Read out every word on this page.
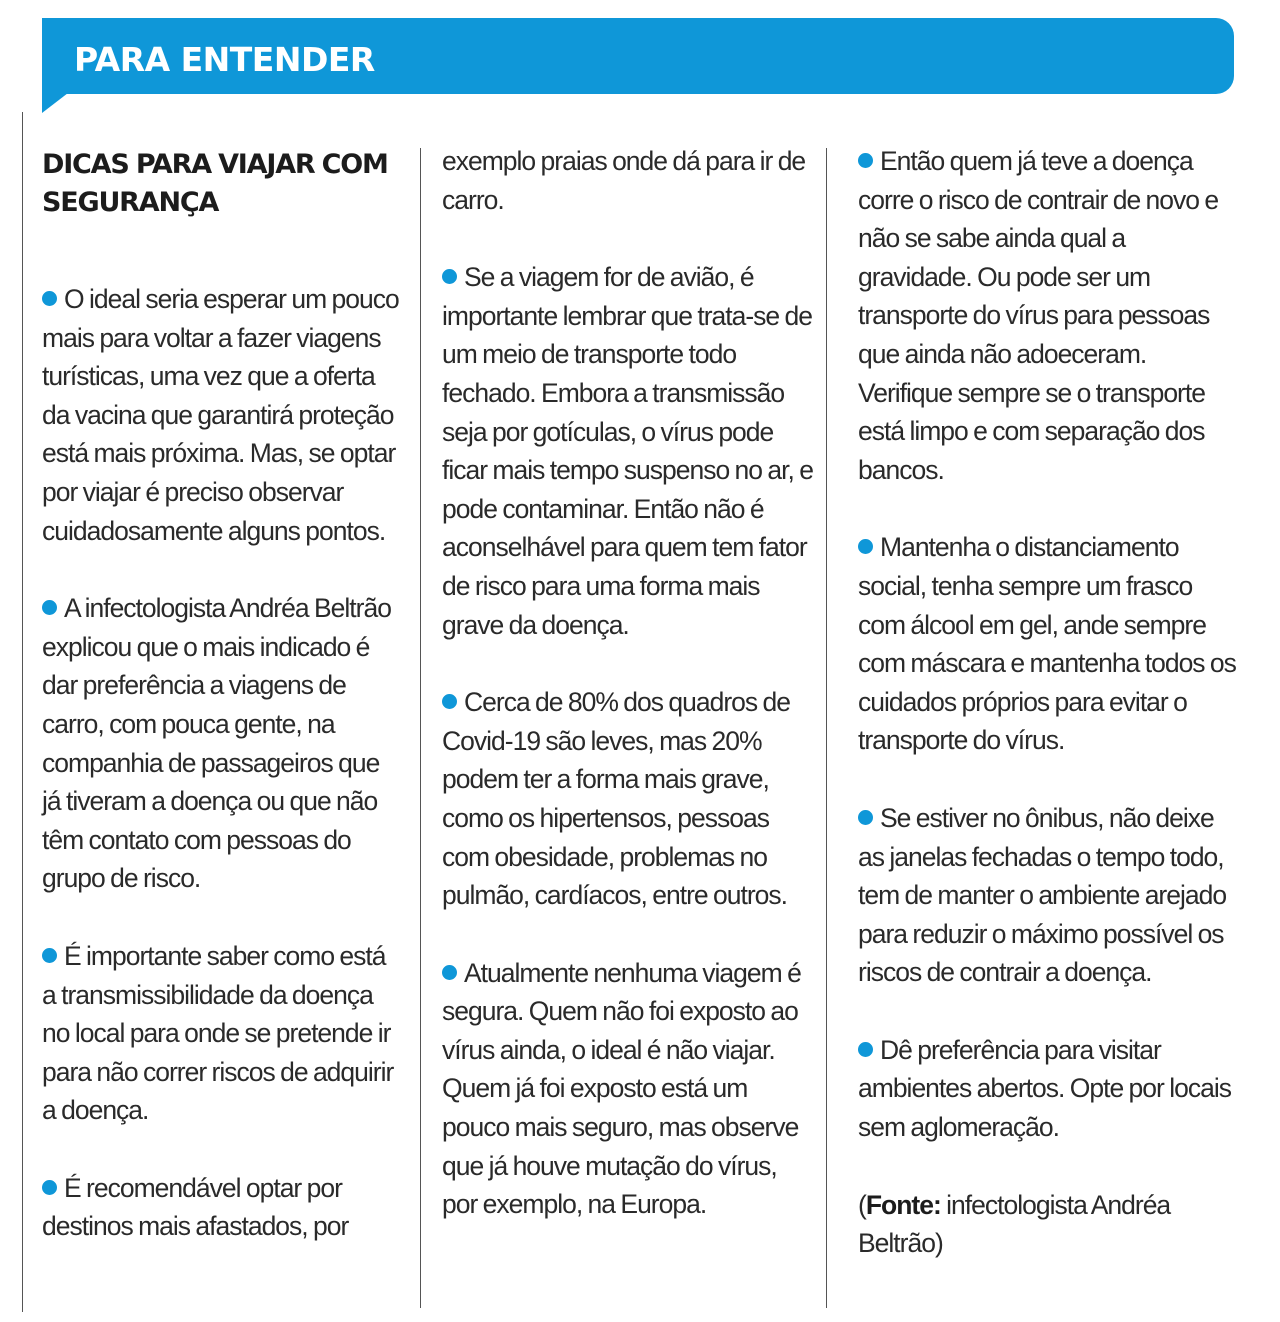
PARA ENTENDER
DICAS PARA VIAJAR COM SEGURANÇA

O ideal seria esperar um pouco mais para voltar a fazer viagens turísticas, uma vez que a oferta da vacina que garantirá proteção está mais próxima. Mas, se optar por viajar é preciso observar cuidadosamente alguns pontos.

A infectologista Andréa Beltrão explicou que o mais indicado é dar preferência a viagens de carro, com pouca gente, na companhia de passageiros que já tiveram a doença ou que não têm contato com pessoas do grupo de risco.

É importante saber como está a transmissibilidade da doença no local para onde se pretende ir para não correr riscos de adquirir a doença.

É recomendável optar por destinos mais afastados, por

exemplo praias onde dá para ir de carro.

Se a viagem for de avião, é importante lembrar que trata-se de um meio de transporte todo fechado. Embora a transmissão seja por gotículas, o vírus pode ficar mais tempo suspenso no ar, e pode contaminar. Então não é aconselhável para quem tem fator de risco para uma forma mais grave da doença.

Cerca de 80% dos quadros de Covid-19 são leves, mas 20% podem ter a forma mais grave, como os hipertensos, pessoas com obesidade, problemas no pulmão, cardíacos, entre outros.

Atualmente nenhuma viagem é segura. Quem não foi exposto ao vírus ainda, o ideal é não viajar. Quem já foi exposto está um pouco mais seguro, mas observe que já houve mutação do vírus, por exemplo, na Europa.

Então quem já teve a doença corre o risco de contrair de novo e não se sabe ainda qual a gravidade. Ou pode ser um transporte do vírus para pessoas que ainda não adoeceram. Verifique sempre se o transporte está limpo e com separação dos bancos.

Mantenha o distanciamento social, tenha sempre um frasco com álcool em gel, ande sempre com máscara e mantenha todos os cuidados próprios para evitar o transporte do vírus.

Se estiver no ônibus, não deixe as janelas fechadas o tempo todo, tem de manter o ambiente arejado para reduzir o máximo possível os riscos de contrair a doença.

Dê preferência para visitar ambientes abertos. Opte por locais sem aglomeração.

(Fonte: infectologista Andréa Beltrão)
